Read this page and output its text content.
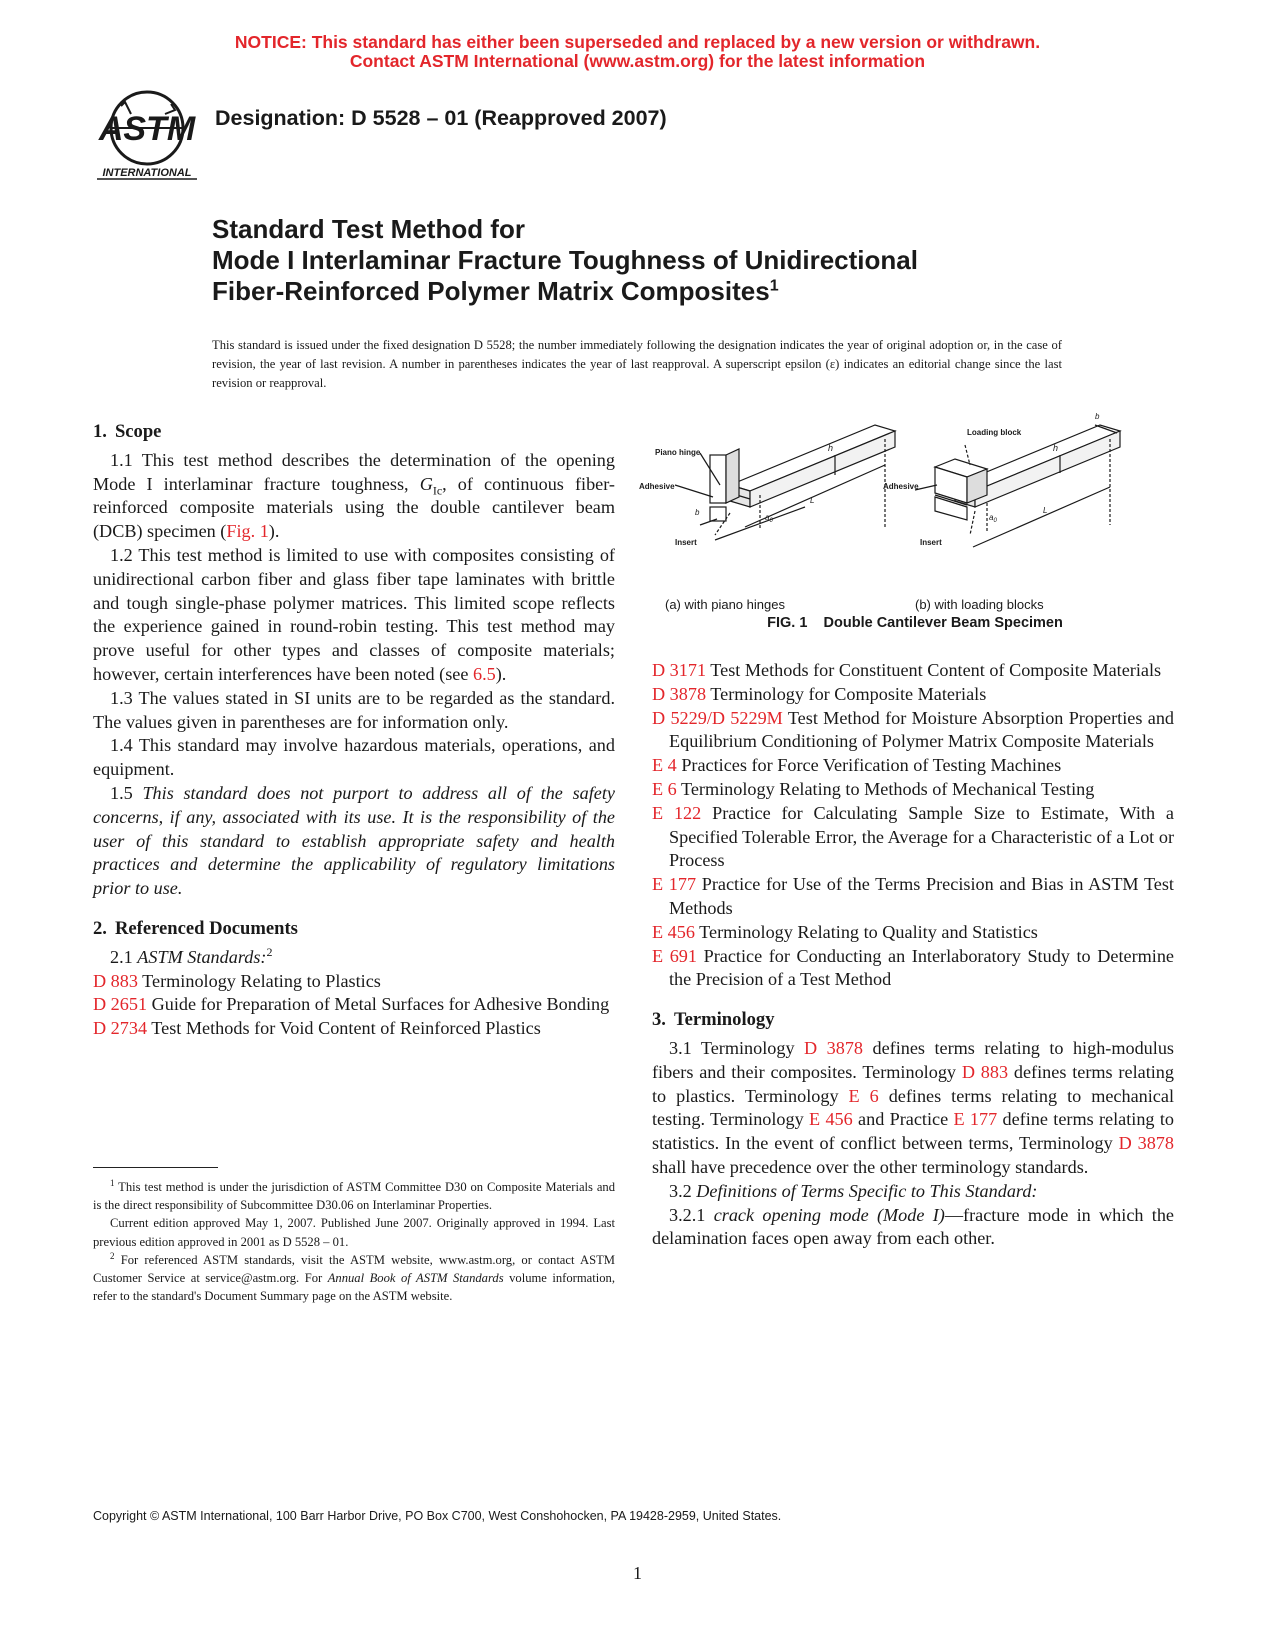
NOTICE: This standard has either been superseded and replaced by a new version or withdrawn.
Contact ASTM International (www.astm.org) for the latest information
ASTM
INTERNATIONAL
Designation: D 5528 – 01 (Reapproved 2007)
Standard Test Method for
Mode I Interlaminar Fracture Toughness of Unidirectional
Fiber-Reinforced Polymer Matrix Composites$^1$
This standard is issued under the fixed designation D 5528; the number immediately following the designation indicates the year of original adoption or, in the case of revision, the year of last revision. A number in parentheses indicates the year of last reapproval. A superscript epsilon (ε) indicates an editorial change since the last revision or reapproval.
1. Scope

1.1 This test method describes the determination of the opening Mode I interlaminar fracture toughness, $G_{Ic}$, of continuous fiber-reinforced composite materials using the double cantilever beam (DCB) specimen (Fig. 1).

1.2 This test method is limited to use with composites consisting of unidirectional carbon fiber and glass fiber tape laminates with brittle and tough single-phase polymer matrices. This limited scope reflects the experience gained in round-robin testing. This test method may prove useful for other types and classes of composite materials; however, certain interferences have been noted (see 6.5).

1.3 The values stated in SI units are to be regarded as the standard. The values given in parentheses are for information only.

1.4 This standard may involve hazardous materials, operations, and equipment.

1.5 This standard does not purport to address all of the safety concerns, if any, associated with its use. It is the responsibility of the user of this standard to establish appropriate safety and health practices and determine the applicability of regulatory limitations prior to use.

2. Referenced Documents

2.1 ASTM Standards:$^2$

D 883 Terminology Relating to Plastics
D 2651 Guide for Preparation of Metal Surfaces for Adhesive Bonding
D 2734 Test Methods for Void Content of Reinforced Plastics
Piano hinge
Adhesive
Insert
h
b
$a_0$
L
Loading block
Adhesive
Insert
h
b
$a_0$
L
(a) with piano hinges	(b) with loading blocks
FIG. 1    Double Cantilever Beam Specimen
D 3171 Test Methods for Constituent Content of Composite Materials
D 3878 Terminology for Composite Materials
D 5229/D 5229M Test Method for Moisture Absorption Properties and Equilibrium Conditioning of Polymer Matrix Composite Materials
E 4 Practices for Force Verification of Testing Machines
E 6 Terminology Relating to Methods of Mechanical Testing
E 122 Practice for Calculating Sample Size to Estimate, With a Specified Tolerable Error, the Average for a Characteristic of a Lot or Process
E 177 Practice for Use of the Terms Precision and Bias in ASTM Test Methods
E 456 Terminology Relating to Quality and Statistics
E 691 Practice for Conducting an Interlaboratory Study to Determine the Precision of a Test Method
3. Terminology

3.1 Terminology D 3878 defines terms relating to high-modulus fibers and their composites. Terminology D 883 defines terms relating to plastics. Terminology E 6 defines terms relating to mechanical testing. Terminology E 456 and Practice E 177 define terms relating to statistics. In the event of conflict between terms, Terminology D 3878 shall have precedence over the other terminology standards.

3.2 Definitions of Terms Specific to This Standard:

3.2.1 crack opening mode (Mode I)—fracture mode in which the delamination faces open away from each other.

$^1$ This test method is under the jurisdiction of ASTM Committee D30 on Composite Materials and is the direct responsibility of Subcommittee D30.06 on Interlaminar Properties.

Current edition approved May 1, 2007. Published June 2007. Originally approved in 1994. Last previous edition approved in 2001 as D 5528 – 01.

$^2$ For referenced ASTM standards, visit the ASTM website, www.astm.org, or contact ASTM Customer Service at service@astm.org. For Annual Book of ASTM Standards volume information, refer to the standard's Document Summary page on the ASTM website.

Copyright © ASTM International, 100 Barr Harbor Drive, PO Box C700, West Conshohocken, PA 19428-2959, United States.
1
